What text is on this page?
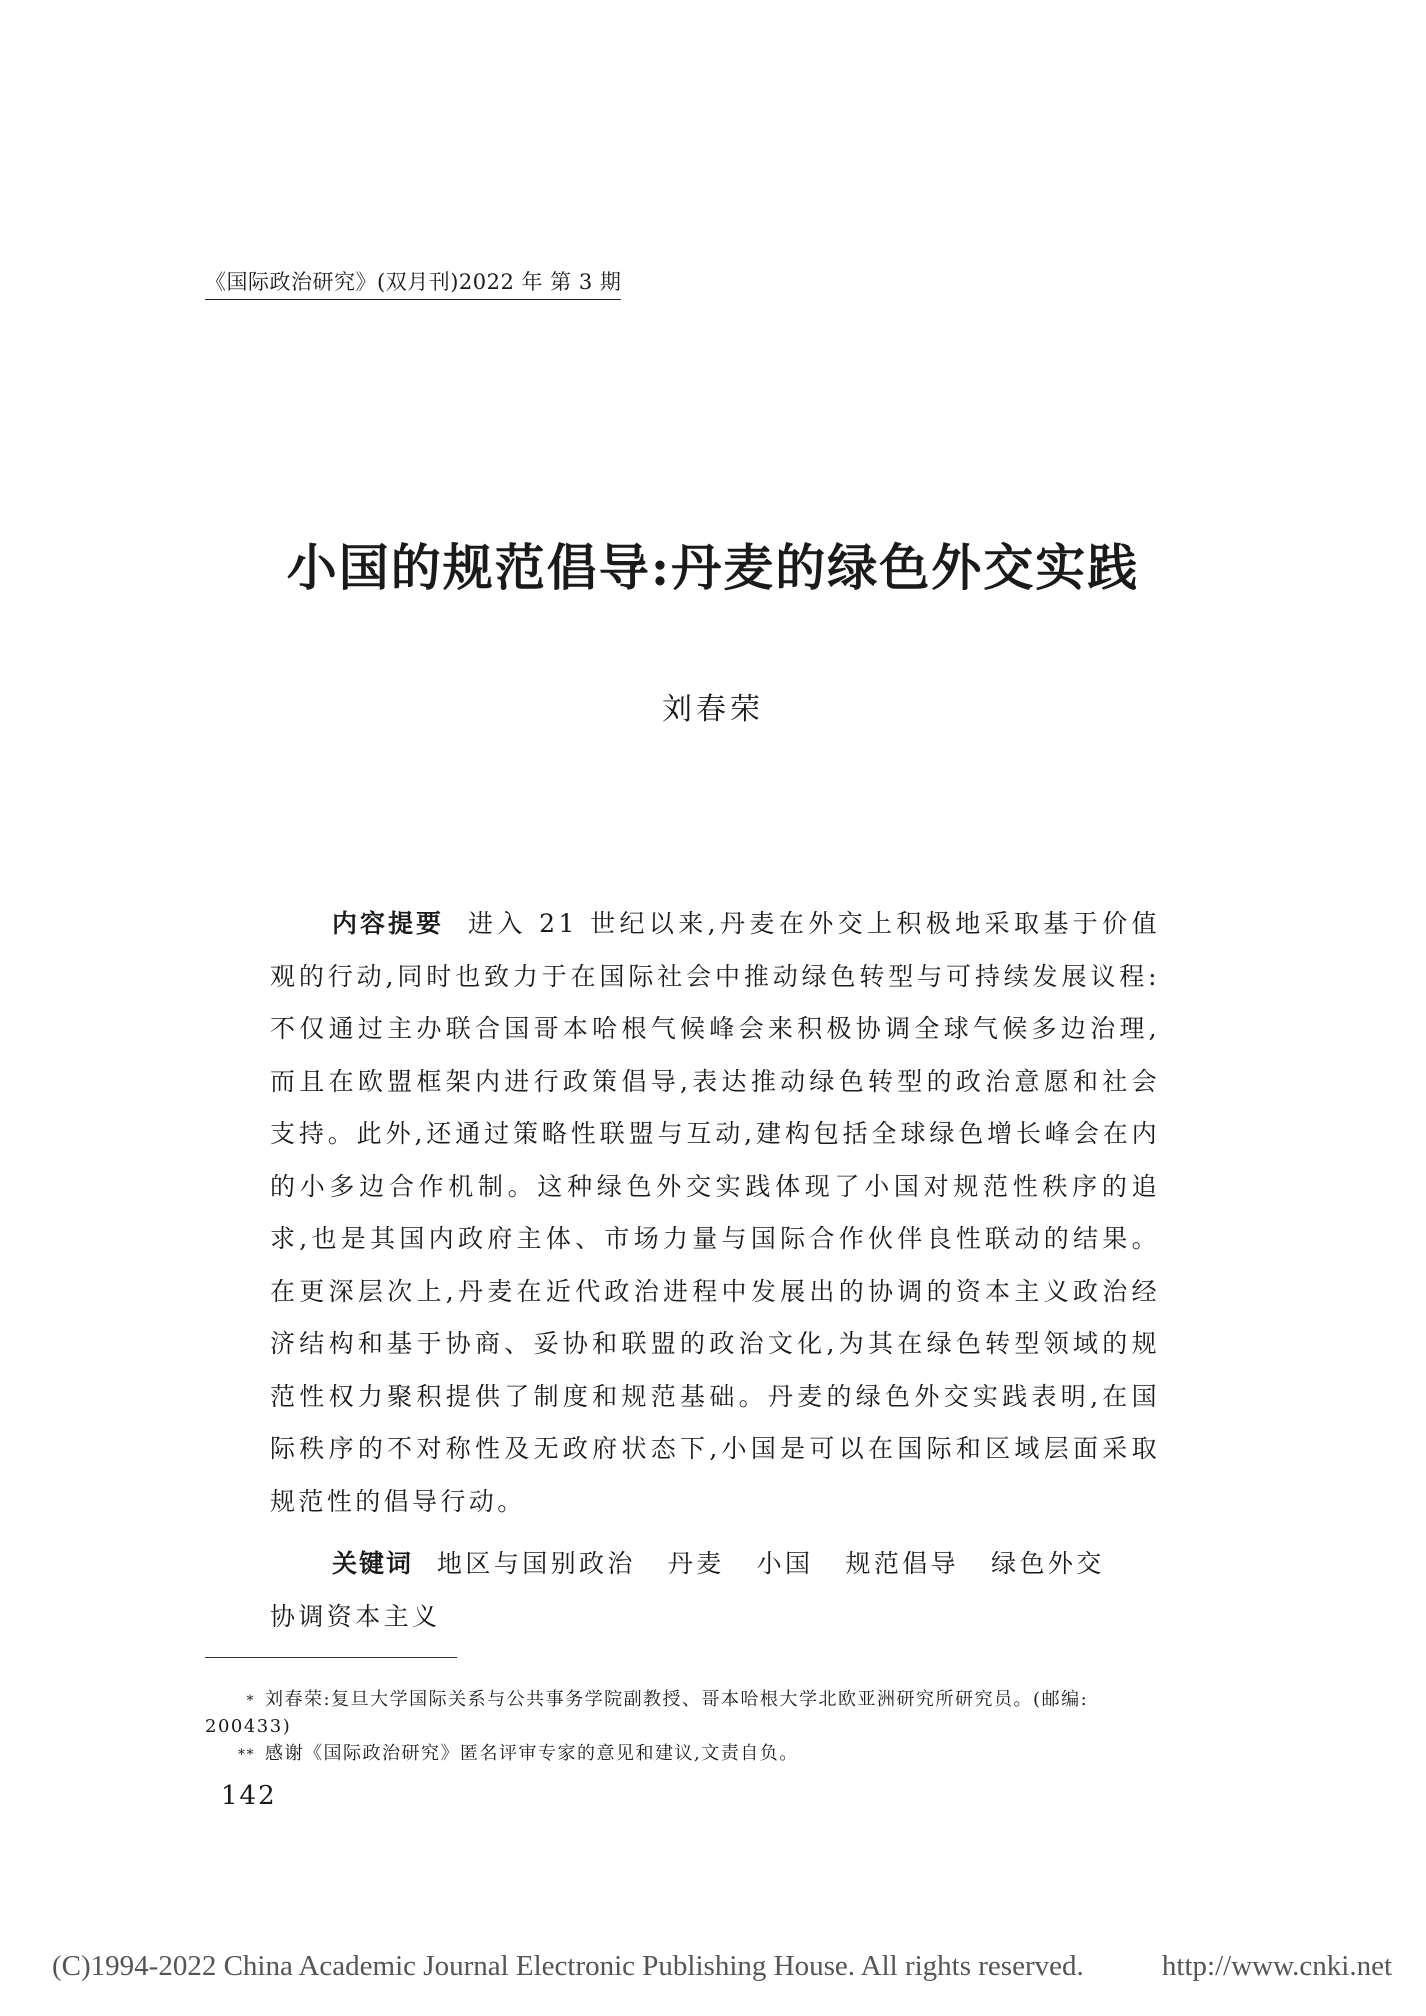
《国际政治研究》(双月刊)2022 年 第 3 期
小国的规范倡导:丹麦的绿色外交实践
刘春荣
内容提要 进入 21 世纪以来,丹麦在外交上积极地采取基于价值观的行动,同时也致力于在国际社会中推动绿色转型与可持续发展议程:不仅通过主办联合国哥本哈根气候峰会来积极协调全球气候多边治理,而且在欧盟框架内进行政策倡导,表达推动绿色转型的政治意愿和社会支持。此外,还通过策略性联盟与互动,建构包括全球绿色增长峰会在内的小多边合作机制。这种绿色外交实践体现了小国对规范性秩序的追求,也是其国内政府主体、市场力量与国际合作伙伴良性联动的结果。在更深层次上,丹麦在近代政治进程中发展出的协调的资本主义政治经济结构和基于协商、妥协和联盟的政治文化,为其在绿色转型领域的规范性权力聚积提供了制度和规范基础。丹麦的绿色外交实践表明,在国际秩序的不对称性及无政府状态下,小国是可以在国际和区域层面采取规范性的倡导行动。
关键词 地区与国别政治 丹麦 小国 规范倡导 绿色外交协调资本主义
* 刘春荣:复旦大学国际关系与公共事务学院副教授、哥本哈根大学北欧亚洲研究所研究员。(邮编:
200433)
** 感谢《国际政治研究》匿名评审专家的意见和建议,文责自负。
142
(C)1994-2022 China Academic Journal Electronic Publishing House. All rights reserved.	http://www.cnki.net
